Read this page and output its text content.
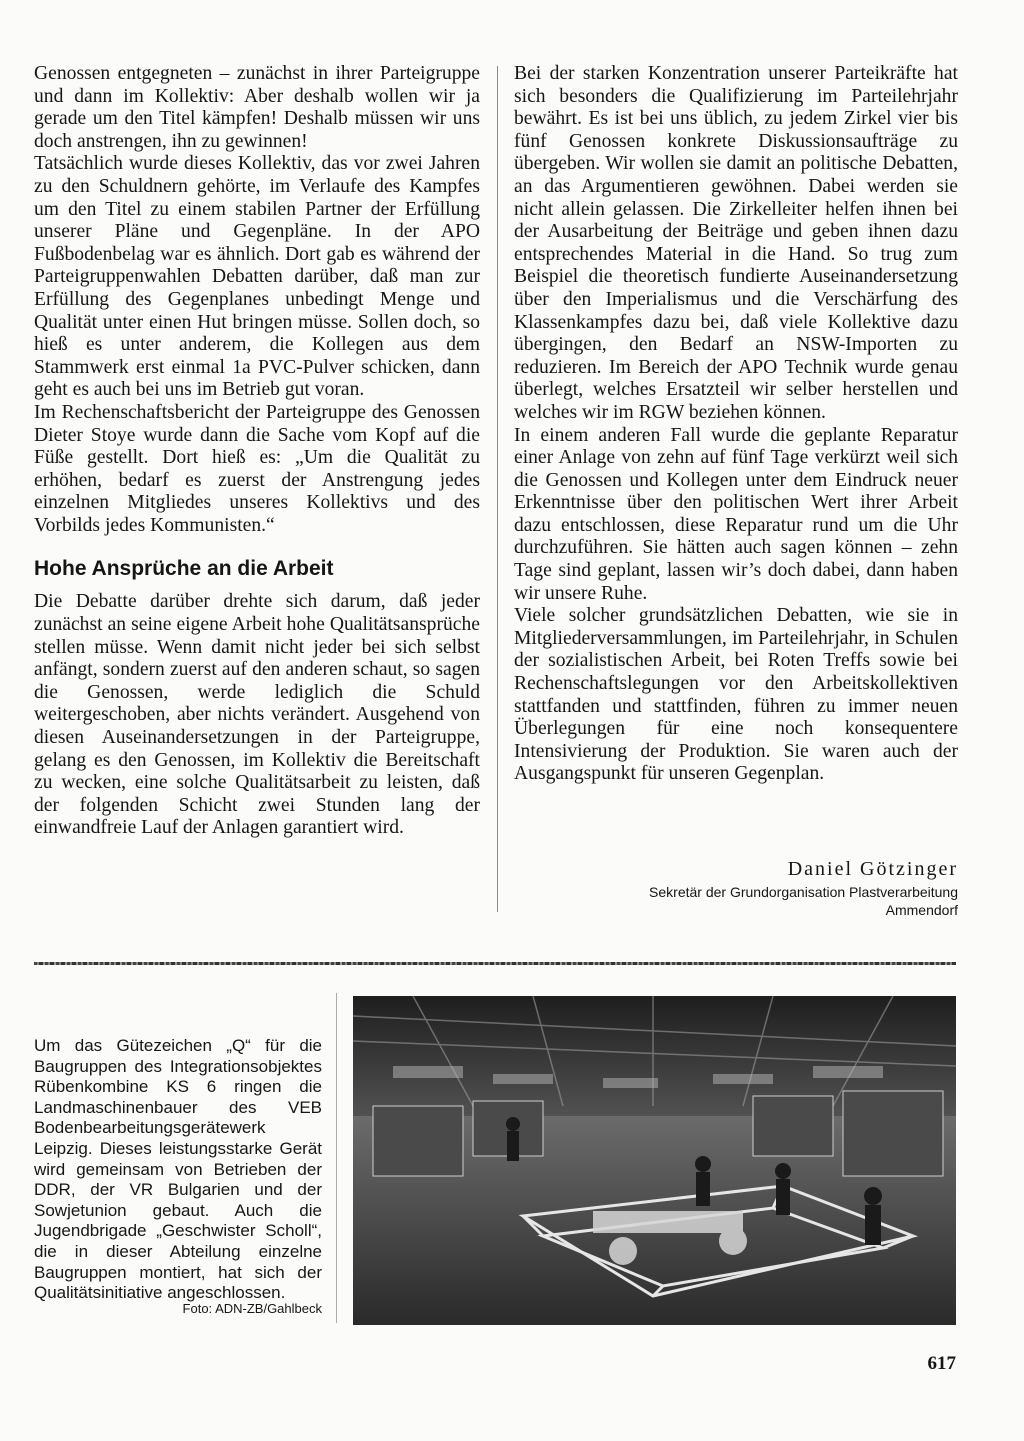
Genossen entgegneten – zunächst in ihrer Parteigruppe und dann im Kollektiv: Aber deshalb wollen wir ja gerade um den Titel kämpfen! Deshalb müssen wir uns doch anstrengen, ihn zu gewinnen!

Tatsächlich wurde dieses Kollektiv, das vor zwei Jahren zu den Schuldnern gehörte, im Verlaufe des Kampfes um den Titel zu einem stabilen Partner der Erfüllung unserer Pläne und Gegenpläne. In der APO Fußbodenbelag war es ähnlich. Dort gab es während der Parteigruppenwahlen Debatten darüber, daß man zur Erfüllung des Gegenplanes unbedingt Menge und Qualität unter einen Hut bringen müsse. Sollen doch, so hieß es unter anderem, die Kollegen aus dem Stammwerk erst einmal 1a PVC-Pulver schicken, dann geht es auch bei uns im Betrieb gut voran.

Im Rechenschaftsbericht der Parteigruppe des Genossen Dieter Stoye wurde dann die Sache vom Kopf auf die Füße gestellt. Dort hieß es: „Um die Qualität zu erhöhen, bedarf es zuerst der Anstrengung jedes einzelnen Mitgliedes unseres Kollektivs und des Vorbilds jedes Kommunisten.“

Hohe Ansprüche an die Arbeit

Die Debatte darüber drehte sich darum, daß jeder zunächst an seine eigene Arbeit hohe Qualitätsansprüche stellen müsse. Wenn damit nicht jeder bei sich selbst anfängt, sondern zuerst auf den anderen schaut, so sagen die Genossen, werde lediglich die Schuld weitergeschoben, aber nichts verändert. Ausgehend von diesen Auseinandersetzungen in der Parteigruppe, gelang es den Genossen, im Kollektiv die Bereitschaft zu wecken, eine solche Qualitätsarbeit zu leisten, daß der folgenden Schicht zwei Stunden lang der einwandfreie Lauf der Anlagen garantiert wird.

Bei der starken Konzentration unserer Parteikräfte hat sich besonders die Qualifizierung im Parteilehrjahr bewährt. Es ist bei uns üblich, zu jedem Zirkel vier bis fünf Genossen konkrete Diskussionsaufträge zu übergeben. Wir wollen sie damit an politische Debatten, an das Argumentieren gewöhnen. Dabei werden sie nicht allein gelassen. Die Zirkelleiter helfen ihnen bei der Ausarbeitung der Beiträge und geben ihnen dazu entsprechendes Material in die Hand. So trug zum Beispiel die theoretisch fundierte Auseinandersetzung über den Imperialismus und die Verschärfung des Klassenkampfes dazu bei, daß viele Kollektive dazu übergingen, den Bedarf an NSW-Importen zu reduzieren. Im Bereich der APO Technik wurde genau überlegt, welches Ersatzteil wir selber herstellen und welches wir im RGW beziehen können.

In einem anderen Fall wurde die geplante Reparatur einer Anlage von zehn auf fünf Tage verkürzt weil sich die Genossen und Kollegen unter dem Eindruck neuer Erkenntnisse über den politischen Wert ihrer Arbeit dazu entschlossen, diese Reparatur rund um die Uhr durchzuführen. Sie hätten auch sagen können – zehn Tage sind geplant, lassen wir’s doch dabei, dann haben wir unsere Ruhe.

Viele solcher grundsätzlichen Debatten, wie sie in Mitgliederversammlungen, im Parteilehrjahr, in Schulen der sozialistischen Arbeit, bei Roten Treffs sowie bei Rechenschaftslegungen vor den Arbeitskollektiven stattfanden und stattfinden, führen zu immer neuen Überlegungen für eine noch konsequentere Intensivierung der Produktion. Sie waren auch der Ausgangspunkt für unseren Gegenplan.

Daniel Götzinger
Sekretär der Grundorganisation Plastverarbeitung
Ammendorf
Um das Gütezeichen „Q“ für die Baugruppen des Integrationsobjektes Rübenkombine KS 6 ringen die Landmaschinenbauer des VEB Bodenbearbeitungsgerätewerk Leipzig. Dieses leistungsstarke Gerät wird gemeinsam von Betrieben der DDR, der VR Bulgarien und der Sowjetunion gebaut. Auch die Jugendbrigade „Geschwister Scholl“, die in dieser Abteilung einzelne Baugruppen montiert, hat sich der Qualitätsinitiative angeschlossen.
Foto: ADN-ZB/Gahlbeck
617
